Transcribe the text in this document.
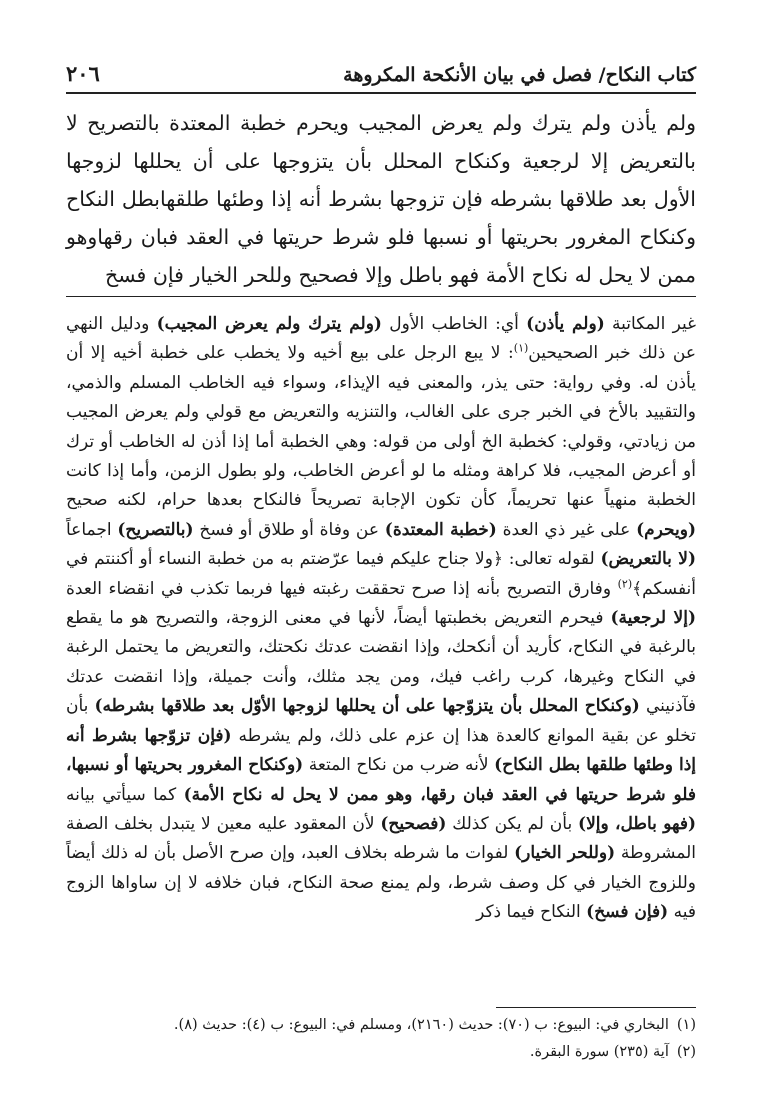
كتاب النكاح/ فصل في بيان الأنكحة المكروهة
٢٠٦

ولم يأذن ولم يترك ولم يعرض المجيب ويحرم خطبة المعتدة بالتصريح لا بالتعريض إلا لرجعية وكنكاح المحلل بأن يتزوجها على أن يحللها لزوجها الأول بعد طلاقها بشرطه فإن تزوجها بشرط أنه إذا وطئها طلقهابطل النكاح وكنكاح المغرور بحريتها أو نسبها فلو شرط حريتها في العقد فبان رقهاوهو ممن لا يحل له نكاح الأمة فهو باطل وإلا فصحيح وللحر الخيار فإن فسخ

غير المكاتبة (ولم يأذن) أي: الخاطب الأول (ولم يترك ولم يعرض المجيب) ودليل النهي عن ذلك خبر الصحيحين$^{(١)}$: لا يبع الرجل على بيع أخيه ولا يخطب على خطبة أخيه إلا أن يأذن له. وفي رواية: حتى يذر، والمعنى فيه الإيذاء، وسواء فيه الخاطب المسلم والذمي، والتقييد بالأخ في الخبر جرى على الغالب، والتنزيه والتعريض مع قولي ولم يعرض المجيب من زيادتي، وقولي: كخطبة الخ أولى من قوله: وهي الخطبة أما إذا أذن له الخاطب أو ترك أو أعرض المجيب، فلا كراهة ومثله ما لو أعرض الخاطب، ولو بطول الزمن، وأما إذا كانت الخطبة منهياً عنها تحريماً، كأن تكون الإجابة تصريحاً فالنكاح بعدها حرام، لكنه صحيح (ويحرم) على غير ذي العدة (خطبة المعتدة) عن وفاة أو طلاق أو فسخ (بالتصريح) اجماعاً (لا بالتعريض) لقوله تعالى: ﴿ولا جناح عليكم فيما عرّضتم به من خطبة النساء أو أكننتم في أنفسكم﴾$^{(٢)}$ وفارق التصريح بأنه إذا صرح تحققت رغبته فيها فربما تكذب في انقضاء العدة (إلا لرجعية) فيحرم التعريض بخطبتها أيضاً، لأنها في معنى الزوجة، والتصريح هو ما يقطع بالرغبة في النكاح، كأريد أن أنكحك، وإذا انقضت عدتك نكحتك، والتعريض ما يحتمل الرغبة في النكاح وغيرها، كرب راغب فيك، ومن يجد مثلك، وأنت جميلة، وإذا انقضت عدتك فآذنيني (وكنكاح المحلل بأن يتزوّجها على أن يحللها لزوجها الأوّل بعد طلاقها بشرطه) بأن تخلو عن بقية الموانع كالعدة هذا إن عزم على ذلك، ولم يشرطه (فإن تزوّجها بشرط أنه إذا وطئها طلقها بطل النكاح) لأنه ضرب من نكاح المتعة (وكنكاح المغرور بحريتها أو نسبها، فلو شرط حريتها في العقد فبان رقها، وهو ممن لا يحل له نكاح الأمة) كما سيأتي بيانه (فهو باطل، وإلا) بأن لم يكن كذلك (فصحيح) لأن المعقود عليه معين لا يتبدل بخلف الصفة المشروطة (وللحر الخيار) لفوات ما شرطه بخلاف العبد، وإن صرح الأصل بأن له ذلك أيضاً وللزوج الخيار في كل وصف شرط، ولم يمنع صحة النكاح، فبان خلافه لا إن ساواها الزوج فيه (فإن فسخ) النكاح فيما ذكر

(١)
البخاري في: البيوع: ب (٧٠): حديث (٢١٦٠)، ومسلم في: البيوع: ب (٤): حديث (٨).

(٢)
آية (٢٣٥) سورة البقرة.
